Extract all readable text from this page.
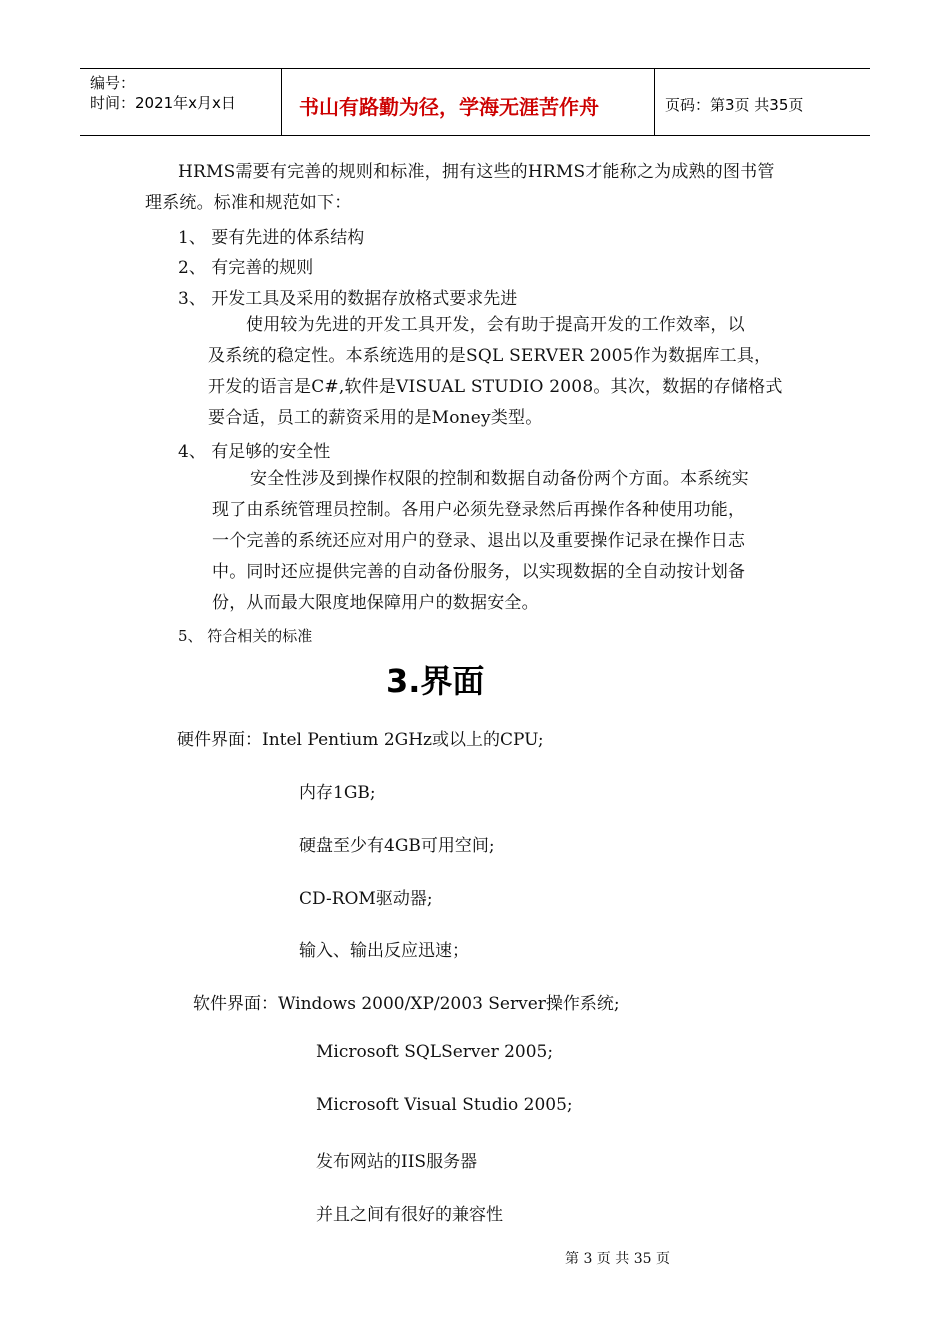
编号：
时间：2021年x月x日	书山有路勤为径，学海无涯苦作舟	页码：第3页 共35页
HRMS需要有完善的规则和标准，拥有这些的HRMS才能称之为成熟的图书管
理系统。标准和规范如下：
1、 要有先进的体系结构
2、 有完善的规则
3、 开发工具及采用的数据存放格式要求先进
使用较为先进的开发工具开发，会有助于提高开发的工作效率，以
及系统的稳定性。本系统选用的是SQL SERVER 2005作为数据库工具，
开发的语言是C#,软件是VISUAL STUDIO 2008。其次，数据的存储格式
要合适，员工的薪资采用的是Money类型。
4、 有足够的安全性
安全性涉及到操作权限的控制和数据自动备份两个方面。本系统实
现了由系统管理员控制。各用户必须先登录然后再操作各种使用功能，
一个完善的系统还应对用户的登录、退出以及重要操作记录在操作日志
中。同时还应提供完善的自动备份服务，以实现数据的全自动按计划备
份，从而最大限度地保障用户的数据安全。
5、 符合相关的标准
3.界面
硬件界面：Intel Pentium 2GHz或以上的CPU;
内存1GB;
硬盘至少有4GB可用空间;
CD-ROM驱动器;
输入、输出反应迅速；
软件界面：Windows 2000/XP/2003 Server操作系统;
Microsoft SQLServer 2005;
Microsoft Visual Studio 2005;
发布网站的IIS服务器
并且之间有很好的兼容性
第 3 页 共 35 页
